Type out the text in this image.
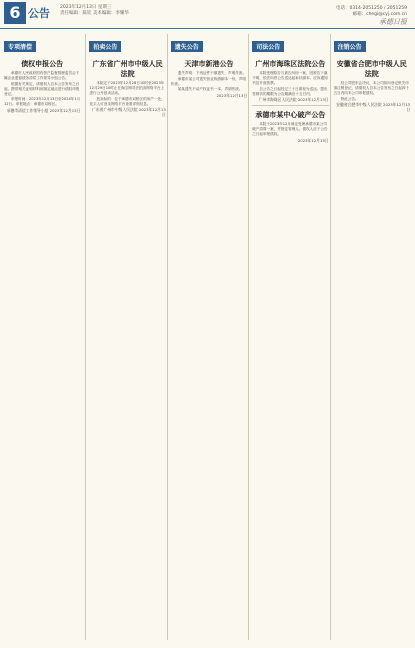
6 公告 2023年12月13日 星期三
责任编辑：陈钦 美术编辑：李耀华
电话：0314-2051250 / 2051259
邮箱：chegi@cyj.com.cn
承德日报
专项清偿
债权申报公告
承德市人民政府国有资产监督管理委员会下属企业遗留债务清偿工作领导小组公告。
根据有关规定，请债权人自本公告发布之日起，携带相关证明材料到指定地点进行债权申报登记。
申报时间：2023年12月13日至2024年1月12日。申报地点：承德市双桥区。
承德市清偿工作领导小组 2023年12月13日
拍卖公告
广东省广州市中级人民法院
本院定于2023年12月28日10时至2023年12月29日10时止在淘宝网司法拍卖网络平台上进行公开拍卖活动。
拍卖标的：位于承德市双桥区的房产一处。竞买人可登录网络平台查看详细信息。
广东省广州市中级人民法院 2023年12月13日
遗失公告
天津市新港公告
遗失声明：下列证件不慎遗失，声明作废。
承德市某公司遗失营业执照副本一份，声明作废。
某某遗失不动产权证书一本，声明作废。
2023年12月13日
司法公告
广州市海珠区法院公告
本院受理原告与被告纠纷一案，因被告下落不明，依法向你公告送达起诉状副本、应诉通知书及开庭传票。
自公告之日起经过三十日即视为送达。提出答辩状的期限为公告期满后十五日内。
广州市海珠区人民法院 2023年12月13日
承德市某中心破产公告
本院于2023年12月裁定受理承德市某公司破产清算一案，并指定管理人。债权人应于公告之日起申报债权。
2023年12月13日
注销公告
安徽省合肥市中级人民法院
经公司股东会决议，本公司拟向登记机关申请注销登记，请债权人自本公告发布之日起四十五日内向本公司申报债权。
特此公告。
安徽省合肥市中级人民法院 2023年12月13日
